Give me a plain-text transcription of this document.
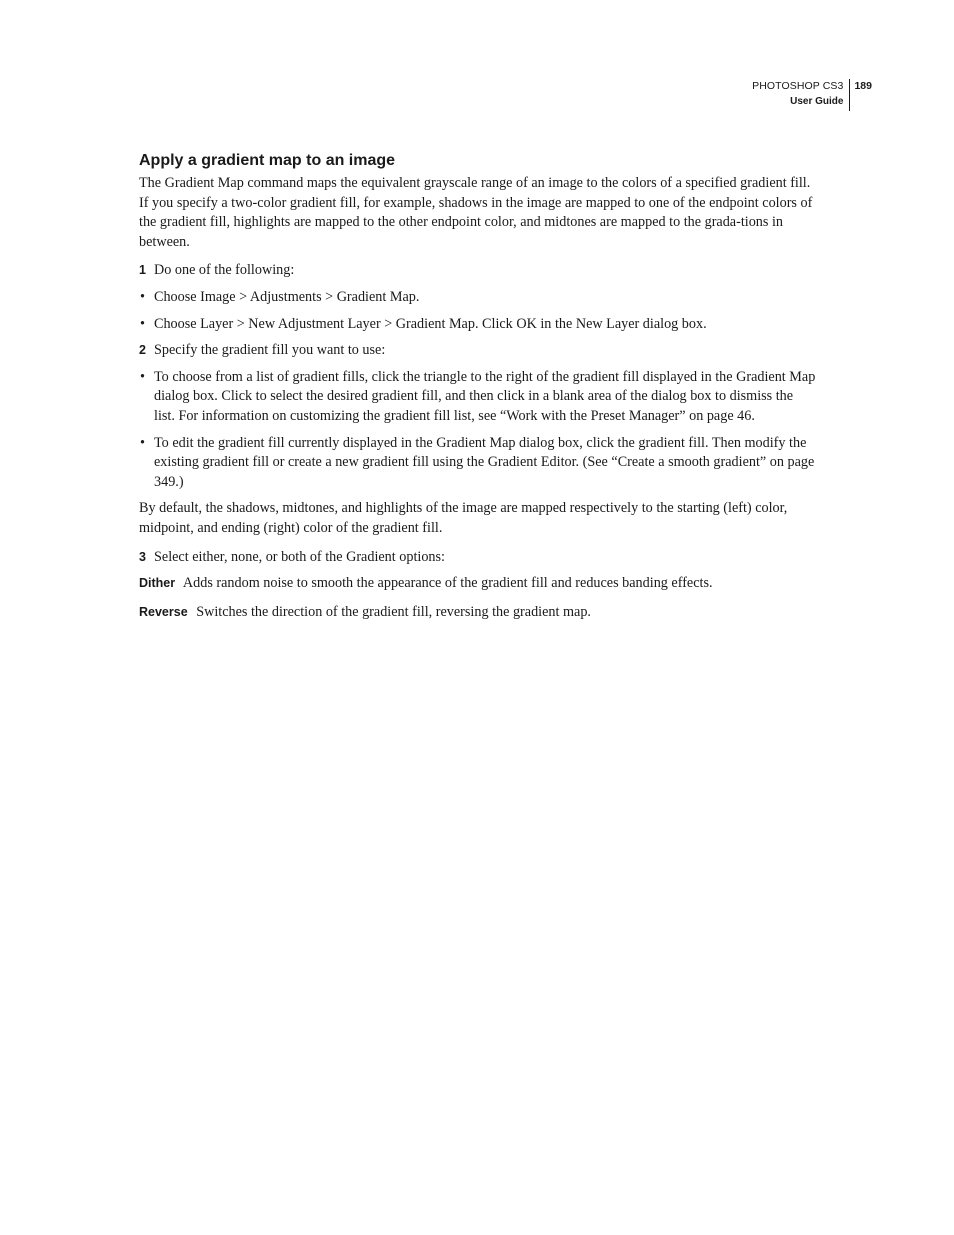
PHOTOSHOP CS3
User Guide
189
Apply a gradient map to an image

The Gradient Map command maps the equivalent grayscale range of an image to the colors of a specified gradient fill. If you specify a two-color gradient fill, for example, shadows in the image are mapped to one of the endpoint colors of the gradient fill, highlights are mapped to the other endpoint color, and midtones are mapped to the grada-tions in between.

1 Do one of the following:
• Choose Image > Adjustments > Gradient Map.
• Choose Layer > New Adjustment Layer > Gradient Map. Click OK in the New Layer dialog box.
2 Specify the gradient fill you want to use:
• To choose from a list of gradient fills, click the triangle to the right of the gradient fill displayed in the Gradient Map dialog box. Click to select the desired gradient fill, and then click in a blank area of the dialog box to dismiss the list. For information on customizing the gradient fill list, see “Work with the Preset Manager” on page 46.
• To edit the gradient fill currently displayed in the Gradient Map dialog box, click the gradient fill. Then modify the existing gradient fill or create a new gradient fill using the Gradient Editor. (See “Create a smooth gradient” on page 349.)

By default, the shadows, midtones, and highlights of the image are mapped respectively to the starting (left) color, midpoint, and ending (right) color of the gradient fill.

3 Select either, none, or both of the Gradient options:
Dither Adds random noise to smooth the appearance of the gradient fill and reduces banding effects.
Reverse Switches the direction of the gradient fill, reversing the gradient map.
